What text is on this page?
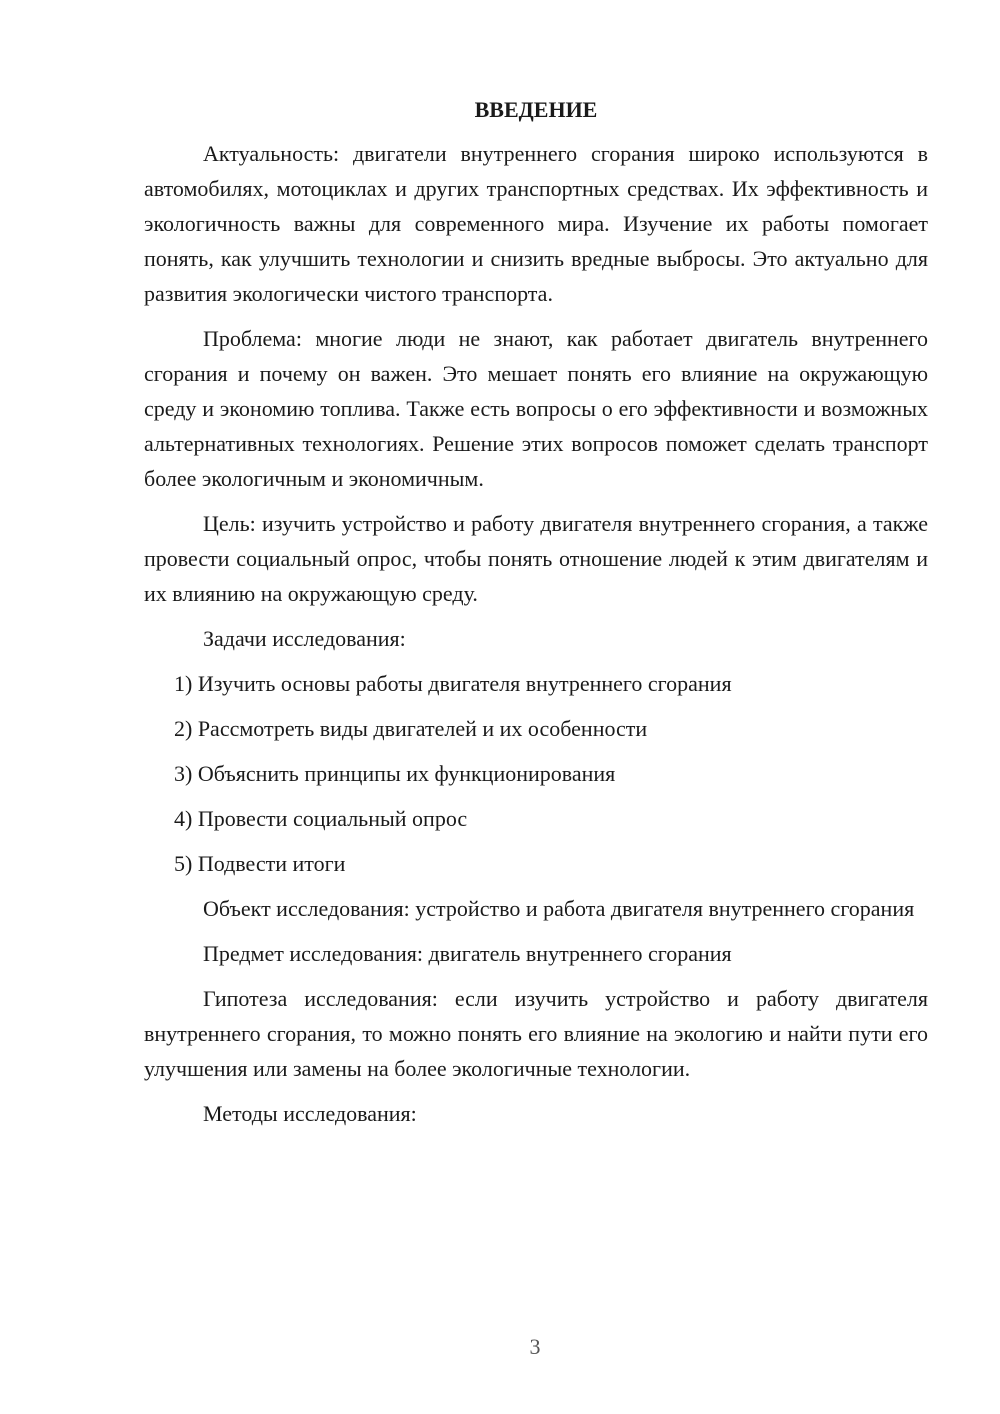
ВВЕДЕНИЕ

Актуальность: двигатели внутреннего сгорания широко используются в автомобилях, мотоциклах и других транспортных средствах. Их эффективность и экологичность важны для современного мира. Изучение их работы помогает понять, как улучшить технологии и снизить вредные выбросы. Это актуально для развития экологически чистого транспорта.

Проблема: многие люди не знают, как работает двигатель внутреннего сгорания и почему он важен. Это мешает понять его влияние на окружающую среду и экономию топлива. Также есть вопросы о его эффективности и возможных альтернативных технологиях. Решение этих вопросов поможет сделать транспорт более экологичным и экономичным.

Цель: изучить устройство и работу двигателя внутреннего сгорания, а также провести социальный опрос, чтобы понять отношение людей к этим двигателям и их влиянию на окружающую среду.

Задачи исследования:

1) Изучить основы работы двигателя внутреннего сгорания
2) Рассмотреть виды двигателей и их особенности
3) Объяснить принципы их функционирования
4) Провести социальный опрос
5) Подвести итоги

Объект исследования: устройство и работа двигателя внутреннего сгорания

Предмет исследования: двигатель внутреннего сгорания

Гипотеза исследования: если изучить устройство и работу двигателя внутреннего сгорания, то можно понять его влияние на экологию и найти пути его улучшения или замены на более экологичные технологии.

Методы исследования:

3
